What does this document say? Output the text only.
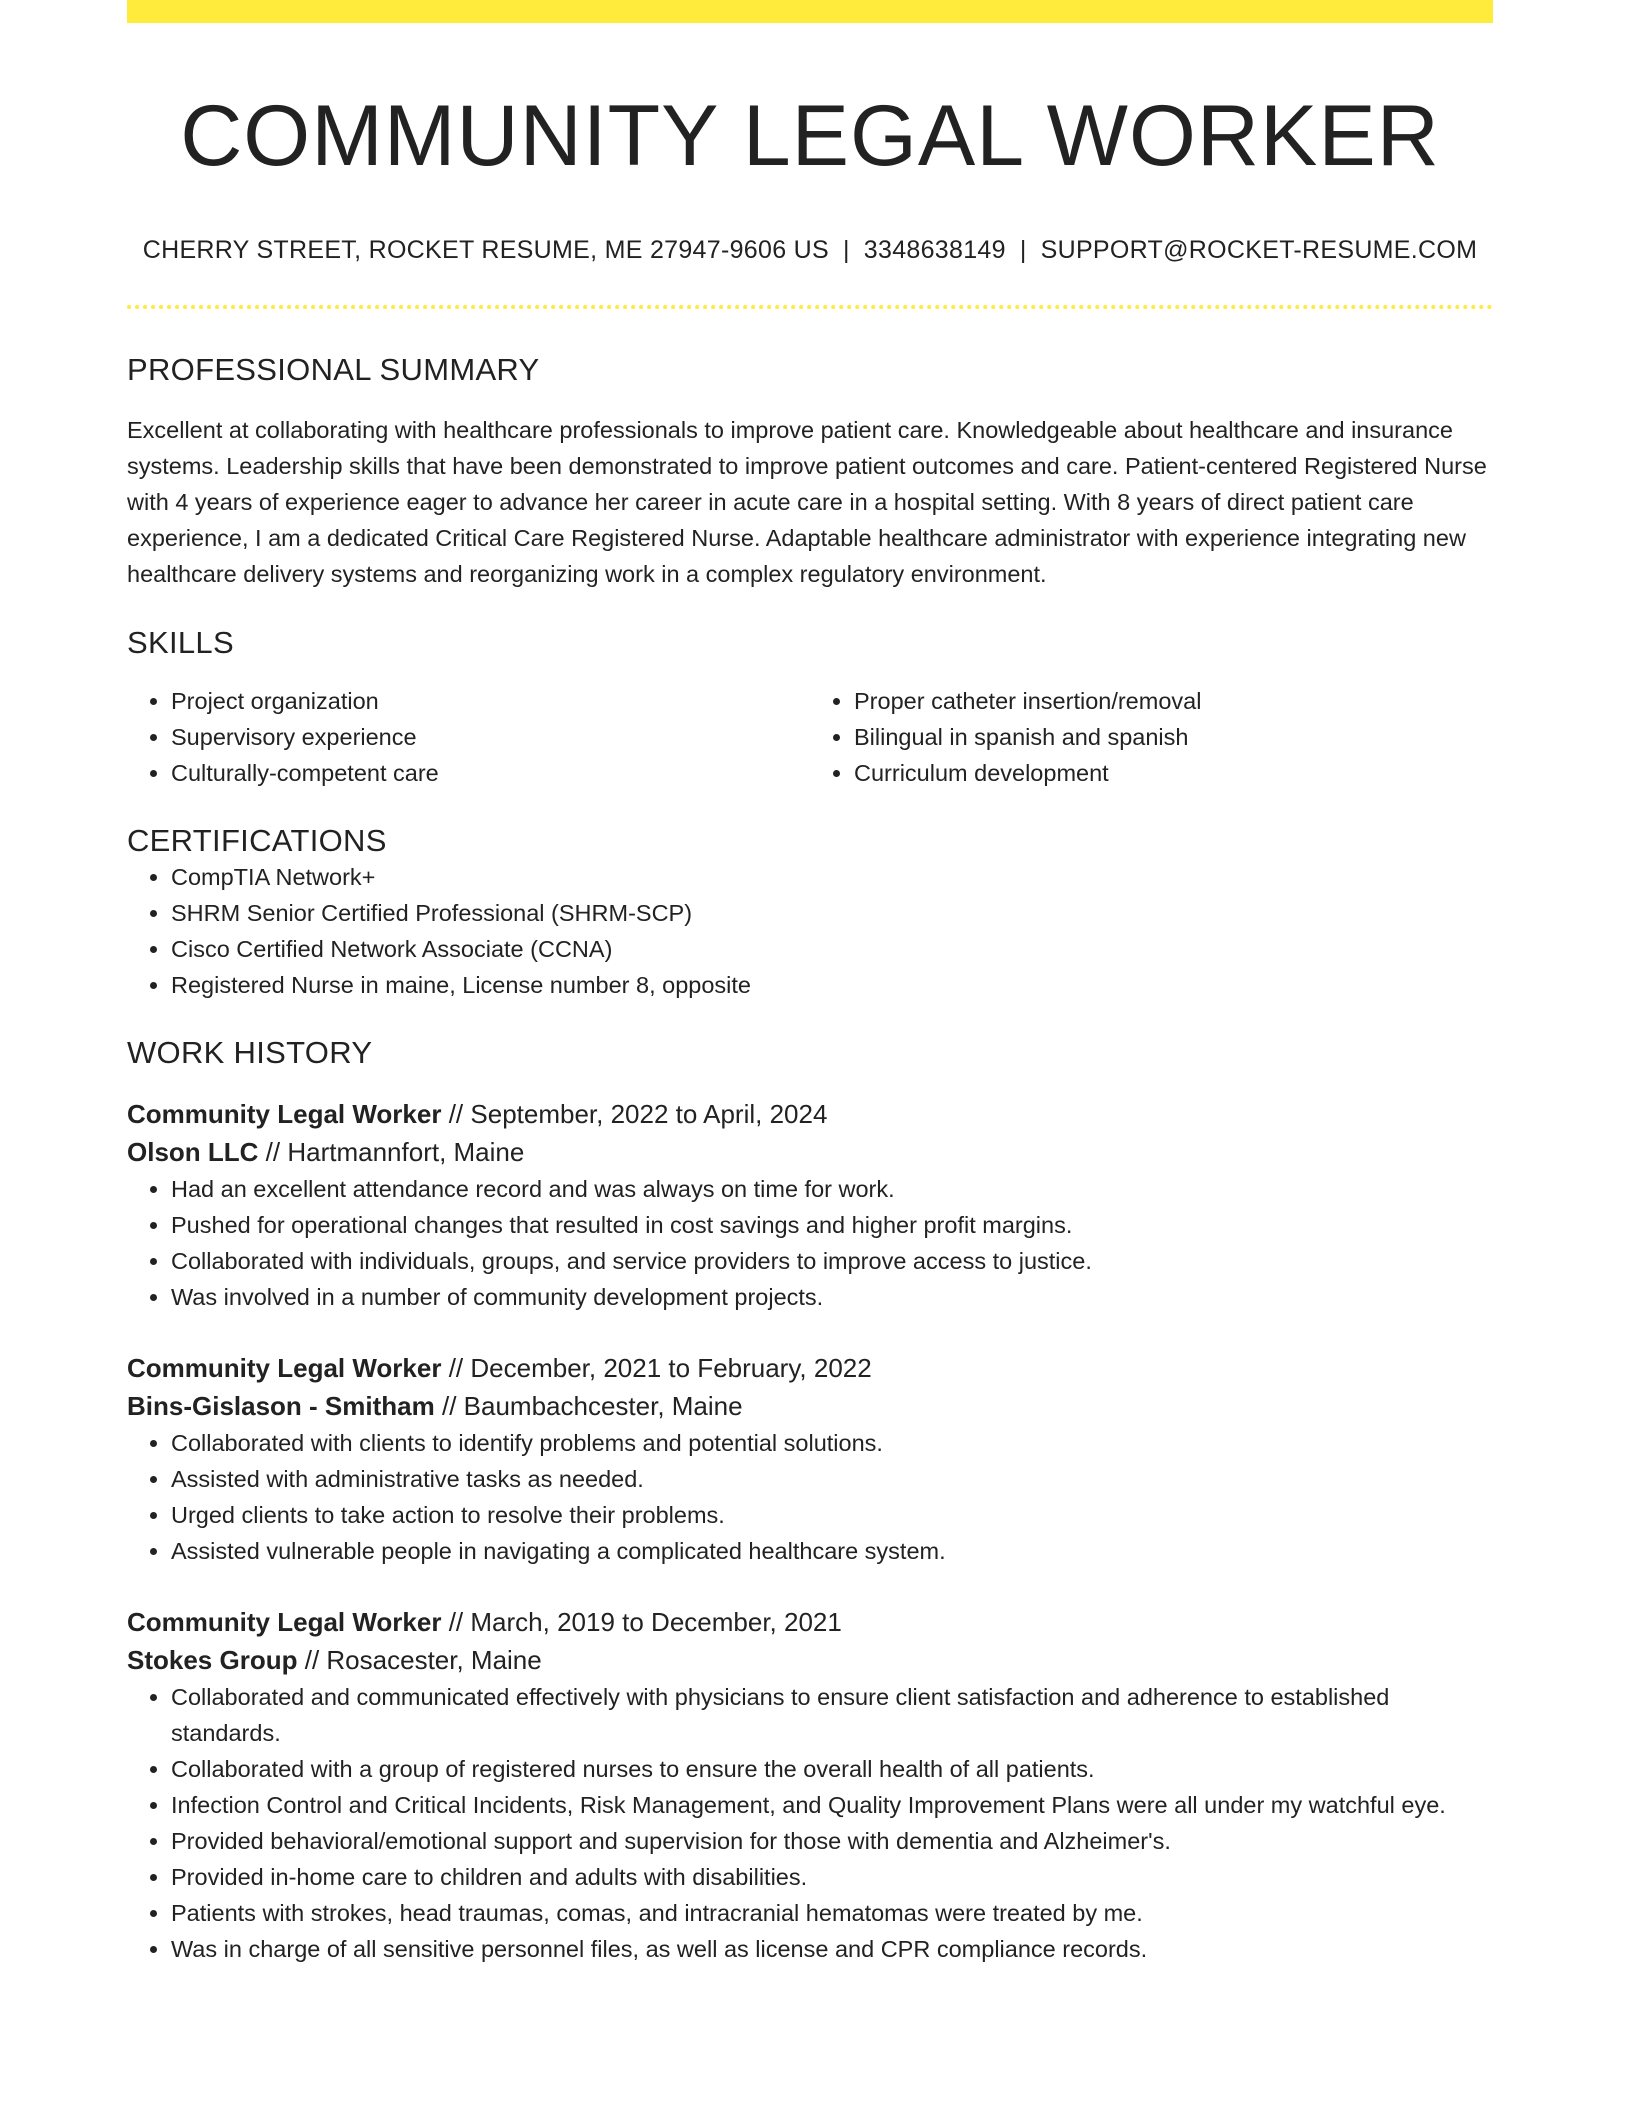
COMMUNITY LEGAL WORKER
CHERRY STREET, ROCKET RESUME, ME 27947-9606 US | 3348638149 | SUPPORT@ROCKET-RESUME.COM
PROFESSIONAL SUMMARY
Excellent at collaborating with healthcare professionals to improve patient care. Knowledgeable about healthcare and insurance systems. Leadership skills that have been demonstrated to improve patient outcomes and care. Patient-centered Registered Nurse with 4 years of experience eager to advance her career in acute care in a hospital setting. With 8 years of direct patient care experience, I am a dedicated Critical Care Registered Nurse. Adaptable healthcare administrator with experience integrating new healthcare delivery systems and reorganizing work in a complex regulatory environment.
SKILLS
• Project organization
• Supervisory experience
• Culturally-competent care
• Proper catheter insertion/removal
• Bilingual in spanish and spanish
• Curriculum development
CERTIFICATIONS
• CompTIA Network+
• SHRM Senior Certified Professional (SHRM-SCP)
• Cisco Certified Network Associate (CCNA)
• Registered Nurse in maine, License number 8, opposite
WORK HISTORY
Community Legal Worker // September, 2022 to April, 2024
Olson LLC // Hartmannfort, Maine
• Had an excellent attendance record and was always on time for work.
• Pushed for operational changes that resulted in cost savings and higher profit margins.
• Collaborated with individuals, groups, and service providers to improve access to justice.
• Was involved in a number of community development projects.
Community Legal Worker // December, 2021 to February, 2022
Bins-Gislason - Smitham // Baumbachcester, Maine
• Collaborated with clients to identify problems and potential solutions.
• Assisted with administrative tasks as needed.
• Urged clients to take action to resolve their problems.
• Assisted vulnerable people in navigating a complicated healthcare system.
Community Legal Worker // March, 2019 to December, 2021
Stokes Group // Rosacester, Maine
• Collaborated and communicated effectively with physicians to ensure client satisfaction and adherence to established standards.
• Collaborated with a group of registered nurses to ensure the overall health of all patients.
• Infection Control and Critical Incidents, Risk Management, and Quality Improvement Plans were all under my watchful eye.
• Provided behavioral/emotional support and supervision for those with dementia and Alzheimer's.
• Provided in-home care to children and adults with disabilities.
• Patients with strokes, head traumas, comas, and intracranial hematomas were treated by me.
• Was in charge of all sensitive personnel files, as well as license and CPR compliance records.
